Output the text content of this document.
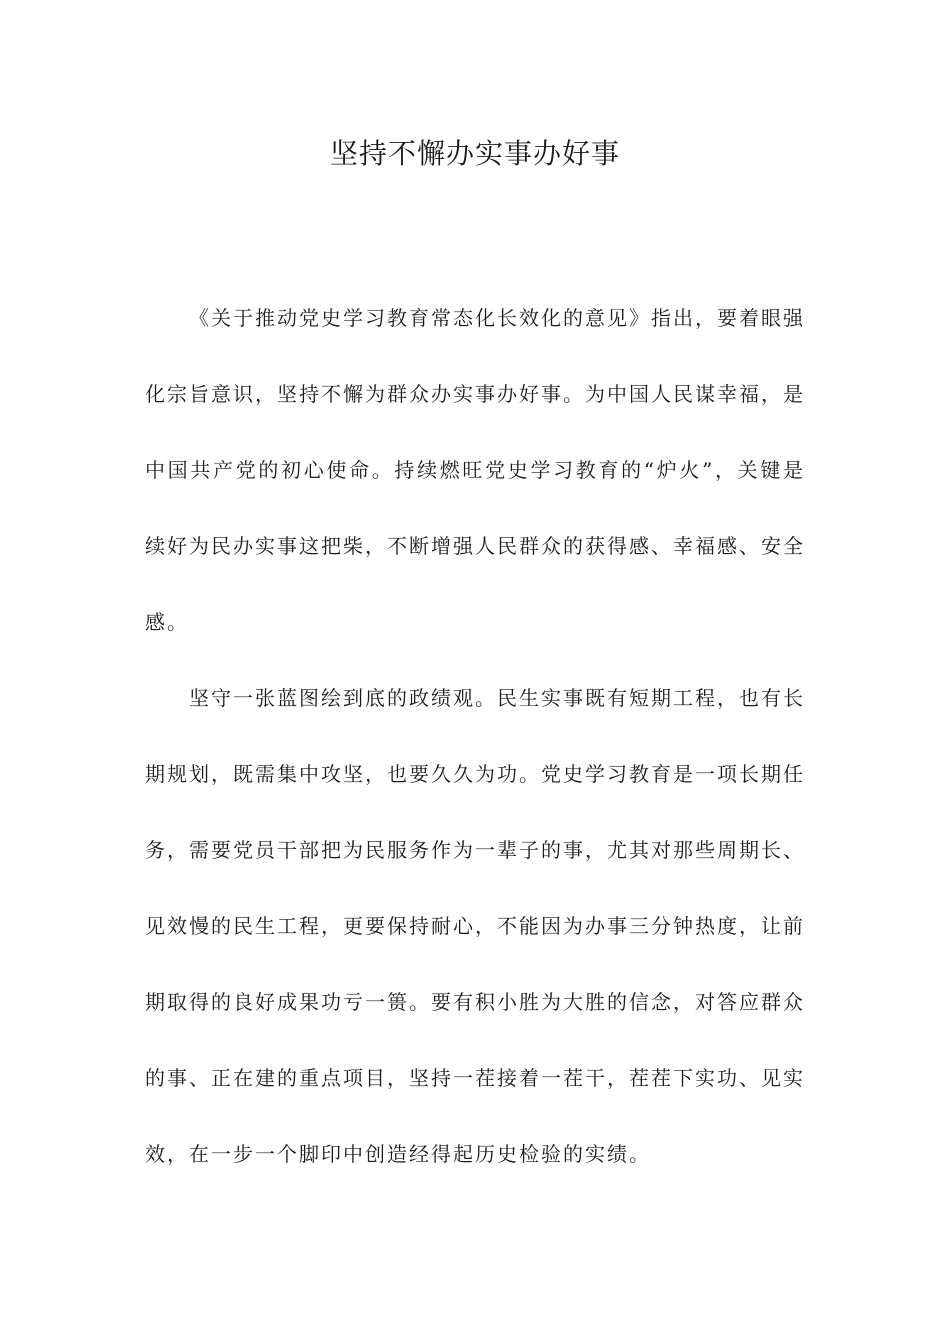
坚持不懈办实事办好事

《关于推动党史学习教育常态化长效化的意见》指出，要着眼强化宗旨意识，坚持不懈为群众办实事办好事。为中国人民谋幸福，是中国共产党的初心使命。持续燃旺党史学习教育的“炉火”，关键是续好为民办实事这把柴，不断增强人民群众的获得感、幸福感、安全感。

坚守一张蓝图绘到底的政绩观。民生实事既有短期工程，也有长期规划，既需集中攻坚，也要久久为功。党史学习教育是一项长期任务，需要党员干部把为民服务作为一辈子的事，尤其对那些周期长、见效慢的民生工程，更要保持耐心，不能因为办事三分钟热度，让前期取得的良好成果功亏一篑。要有积小胜为大胜的信念，对答应群众的事、正在建的重点项目，坚持一茬接着一茬干，茬茬下实功、见实效，在一步一个脚印中创造经得起历史检验的实绩。
